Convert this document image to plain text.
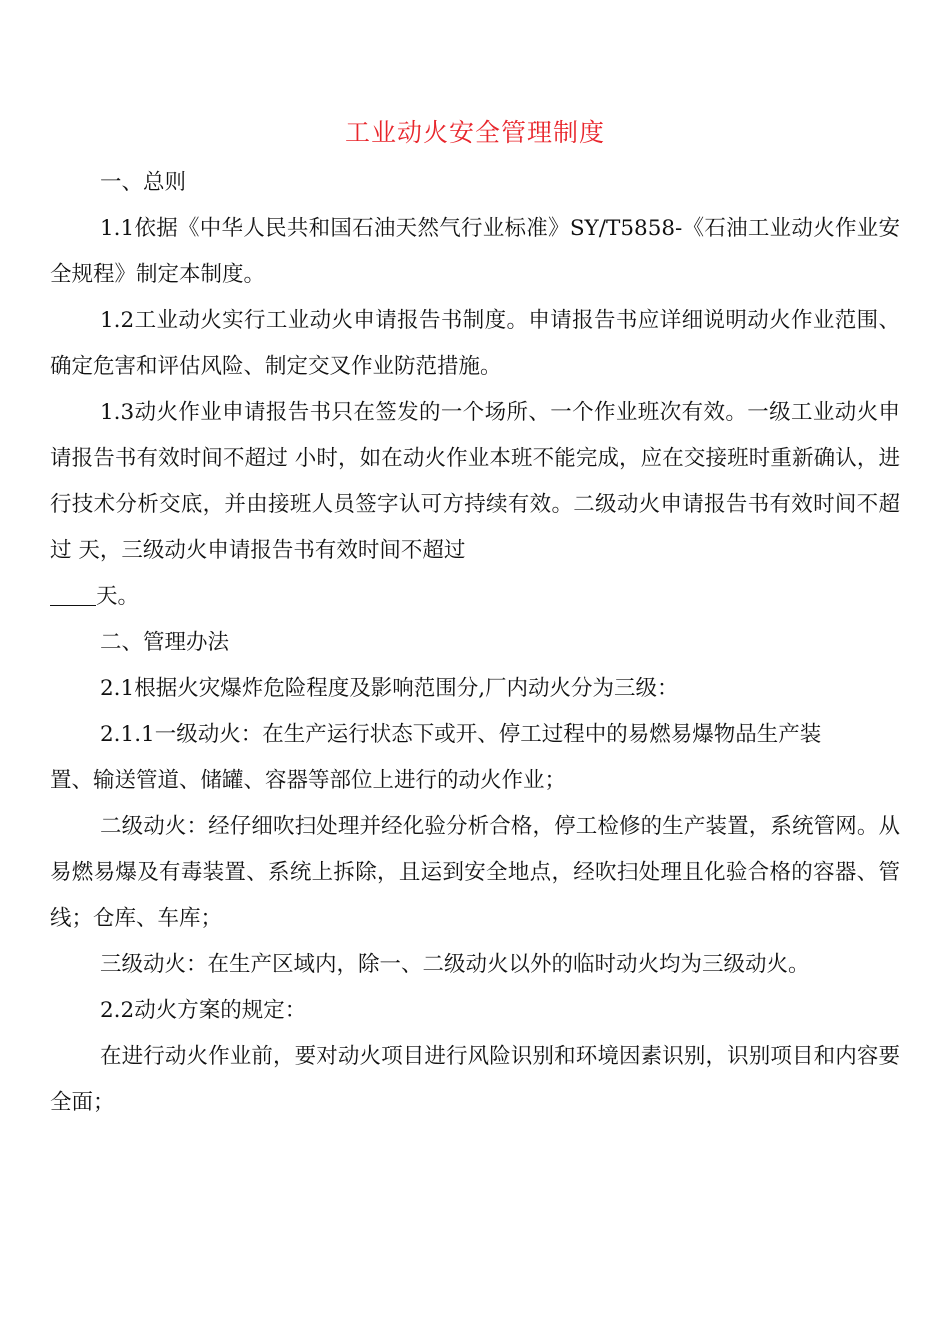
工业动火安全管理制度

一、总则

1.1依据《中华人民共和国石油天然气行业标准》SY/T5858-《石油工业动火作业安全规程》制定本制度。

1.2工业动火实行工业动火申请报告书制度。申请报告书应详细说明动火作业范围、确定危害和评估风险、制定交叉作业防范措施。

1.3动火作业申请报告书只在签发的一个场所、一个作业班次有效。一级工业动火申请报告书有效时间不超过 小时，如在动火作业本班不能完成，应在交接班时重新确认，进行技术分析交底，并由接班人员签字认可方持续有效。二级动火申请报告书有效时间不超过 天，三级动火申请报告书有效时间不超过

天。

二、管理办法

2.1根据火灾爆炸危险程度及影响范围分,厂内动火分为三级：

2.1.1一级动火：在生产运行状态下或开、停工过程中的易燃易爆物品生产装

置、输送管道、储罐、容器等部位上进行的动火作业；

二级动火：经仔细吹扫处理并经化验分析合格，停工检修的生产装置，系统管网。从易燃易爆及有毒装置、系统上拆除，且运到安全地点，经吹扫处理且化验合格的容器、管线；仓库、车库；

三级动火：在生产区域内，除一、二级动火以外的临时动火均为三级动火。

2.2动火方案的规定：

在进行动火作业前，要对动火项目进行风险识别和环境因素识别，识别项目和内容要全面；
